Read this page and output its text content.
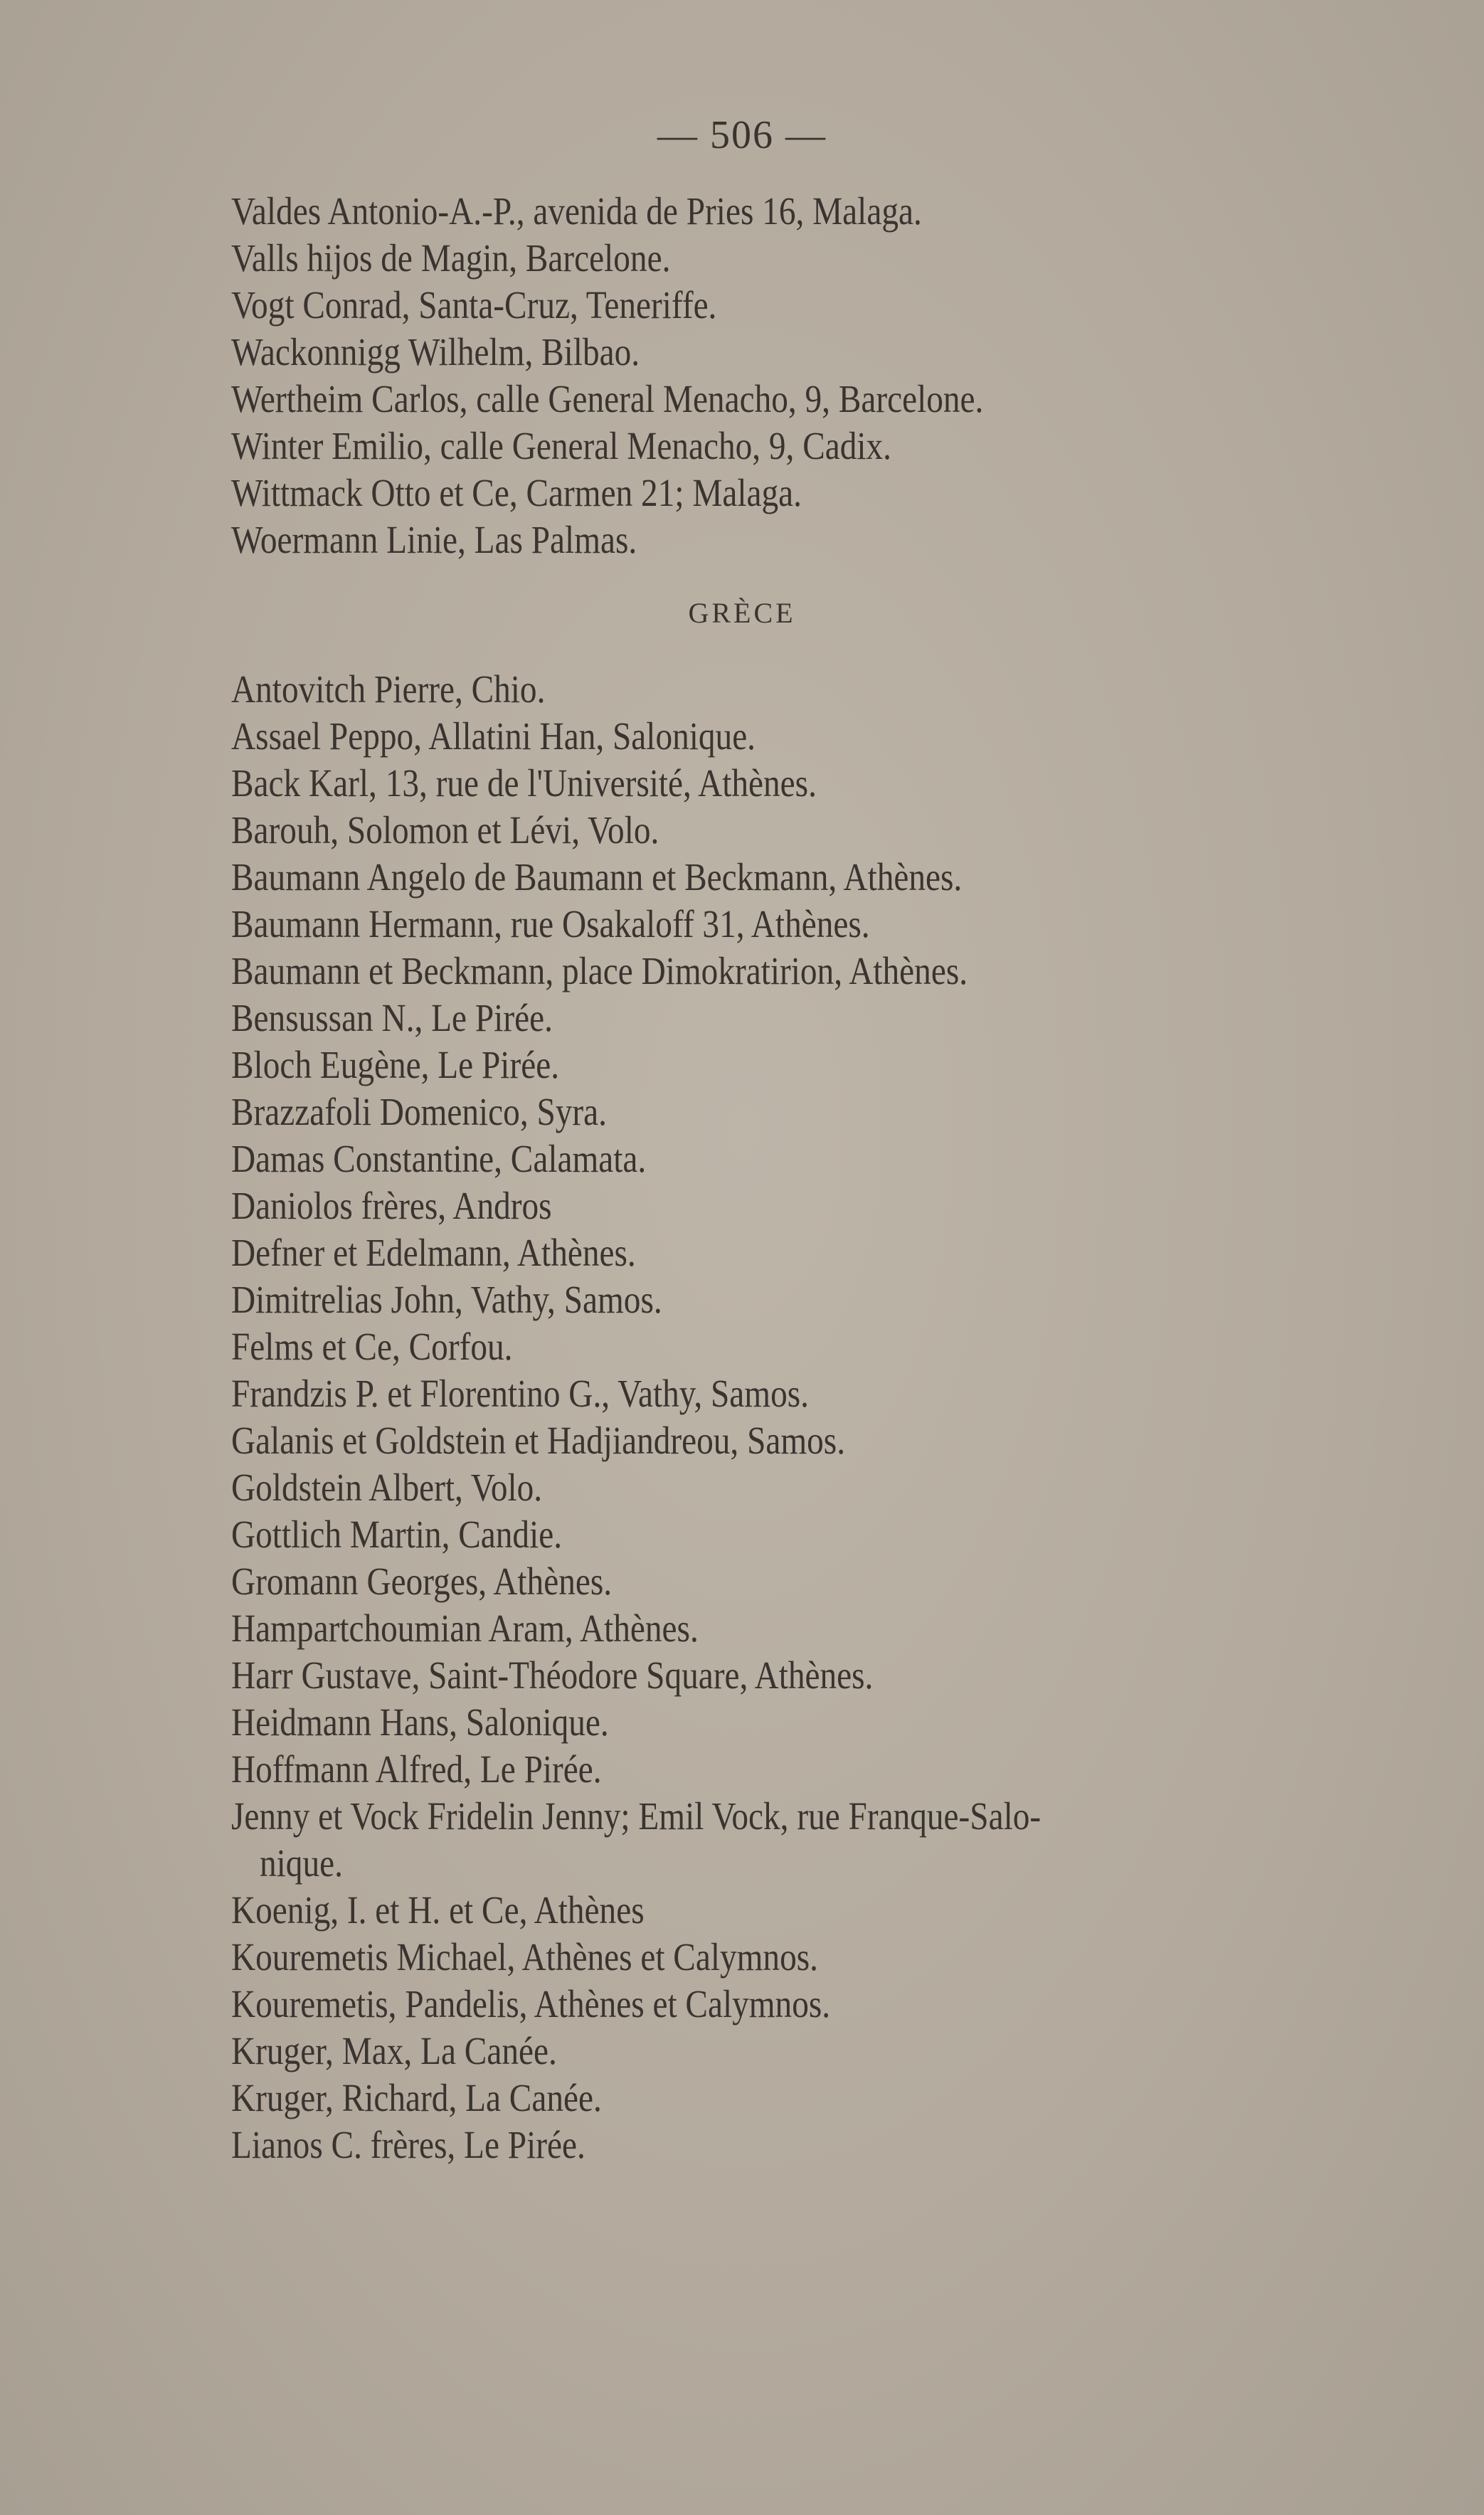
— 506 —
Valdes Antonio-A.-P., avenida de Pries 16, Malaga.
Valls hijos de Magin, Barcelone.
Vogt Conrad, Santa-Cruz, Teneriffe.
Wackonnigg Wilhelm, Bilbao.
Wertheim Carlos, calle General Menacho, 9, Barcelone.
Winter Emilio, calle General Menacho, 9, Cadix.
Wittmack Otto et Ce, Carmen 21; Malaga.
Woermann Linie, Las Palmas.
GRÈCE
Antovitch Pierre, Chio.
Assael Peppo, Allatini Han, Salonique.
Back Karl, 13, rue de l'Université, Athènes.
Barouh, Solomon et Lévi, Volo.
Baumann Angelo de Baumann et Beckmann, Athènes.
Baumann Hermann, rue Osakaloff 31, Athènes.
Baumann et Beckmann, place Dimokratirion, Athènes.
Bensussan N., Le Pirée.
Bloch Eugène, Le Pirée.
Brazzafoli Domenico, Syra.
Damas Constantine, Calamata.
Daniolos frères, Andros
Defner et Edelmann, Athènes.
Dimitrelias John, Vathy, Samos.
Felms et Ce, Corfou.
Frandzis P. et Florentino G., Vathy, Samos.
Galanis et Goldstein et Hadjiandreou, Samos.
Goldstein Albert, Volo.
Gottlich Martin, Candie.
Gromann Georges, Athènes.
Hampartchoumian Aram, Athènes.
Harr Gustave, Saint-Théodore Square, Athènes.
Heidmann Hans, Salonique.
Hoffmann Alfred, Le Pirée.
Jenny et Vock Fridelin Jenny; Emil Vock, rue Franque-Salo-
nique.
Koenig, I. et H. et Ce, Athènes
Kouremetis Michael, Athènes et Calymnos.
Kouremetis, Pandelis, Athènes et Calymnos.
Kruger, Max, La Canée.
Kruger, Richard, La Canée.
Lianos C. frères, Le Pirée.
